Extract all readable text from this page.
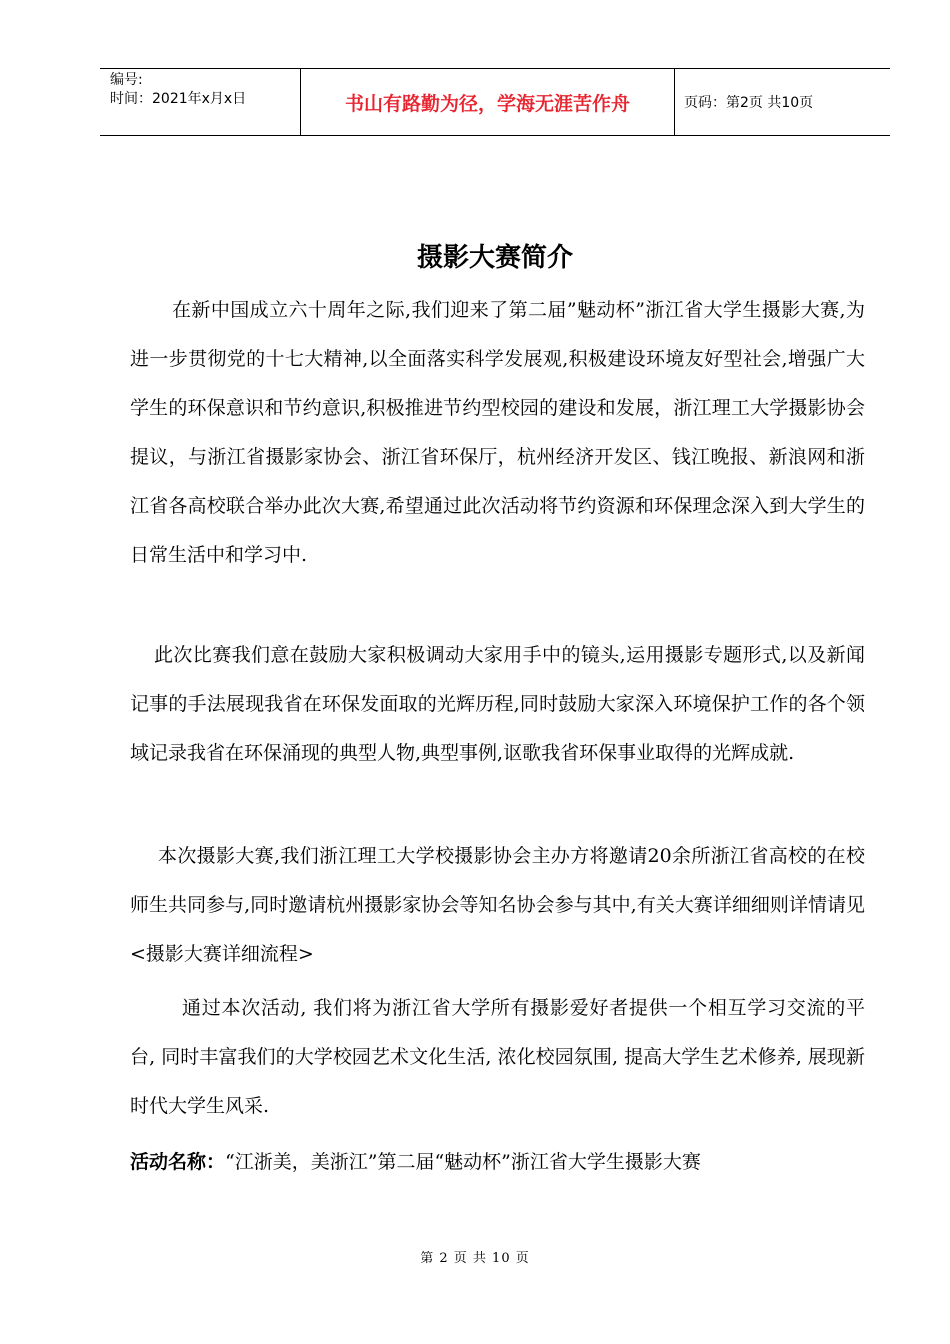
编号:
时间：2021年x月x日	书山有路勤为径，学海无涯苦作舟	页码：第2页 共10页
摄影大赛简介

在新中国成立六十周年之际,我们迎来了第二届”魅动杯”浙江省大学生摄影大赛,为进一步贯彻党的十七大精神,以全面落实科学发展观,积极建设环境友好型社会,增强广大学生的环保意识和节约意识,积极推进节约型校园的建设和发展，浙江理工大学摄影协会提议，与浙江省摄影家协会、浙江省环保厅，杭州经济开发区、钱江晚报、新浪网和浙江省各高校联合举办此次大赛,希望通过此次活动将节约资源和环保理念深入到大学生的日常生活中和学习中.

此次比赛我们意在鼓励大家积极调动大家用手中的镜头,运用摄影专题形式,以及新闻记事的手法展现我省在环保发面取的光辉历程,同时鼓励大家深入环境保护工作的各个领域记录我省在环保涌现的典型人物,典型事例,讴歌我省环保事业取得的光辉成就.

本次摄影大赛,我们浙江理工大学校摄影协会主办方将邀请20余所浙江省高校的在校师生共同参与,同时邀请杭州摄影家协会等知名协会参与其中,有关大赛详细细则详情请见<摄影大赛详细流程>

通过本次活动, 我们将为浙江省大学所有摄影爱好者提供一个相互学习交流的平台, 同时丰富我们的大学校园艺术文化生活, 浓化校园氛围, 提高大学生艺术修养, 展现新时代大学生风采.

活动名称：“江浙美，美浙江”第二届“魅动杯”浙江省大学生摄影大赛
第 2 页 共 10 页
